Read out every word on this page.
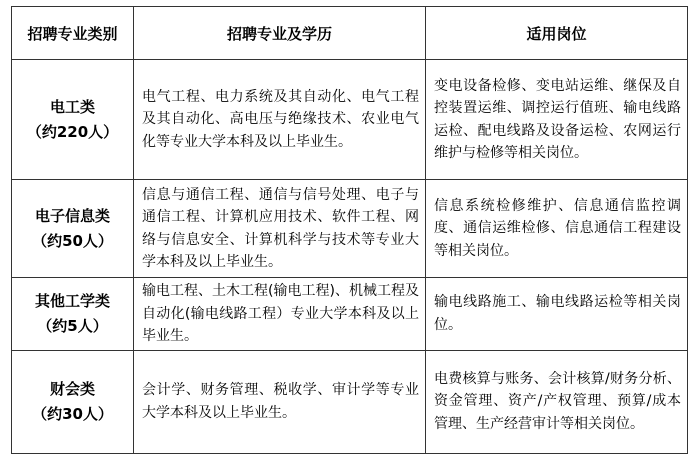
招聘专业类别	招聘专业及学历	适用岗位

电工类
（约220人）	电气工程、电力系统及其自动化、电气工程及其自动化、高电压与绝缘技术、农业电气化等专业大学本科及以上毕业生。	变电设备检修、变电站运维、继保及自控装置运维、调控运行值班、输电线路运检、配电线路及设备运检、农网运行维护与检修等相关岗位。

电子信息类
（约50人）	信息与通信工程、通信与信号处理、电子与通信工程、计算机应用技术、软件工程、网络与信息安全、计算机科学与技术等专业大学本科及以上毕业生。	信息系统检修维护、信息通信监控调度、通信运维检修、信息通信工程建设等相关岗位。

其他工学类
（约5人）	输电工程、土木工程(输电工程)、机械工程及自动化(输电线路工程）专业大学本科及以上毕业生。	输电线路施工、输电线路运检等相关岗位。

财会类
（约30人）	会计学、财务管理、税收学、审计学等专业大学本科及以上毕业生。	电费核算与账务、会计核算/财务分析、资金管理、资产/产权管理、预算/成本管理、生产经营审计等相关岗位。
